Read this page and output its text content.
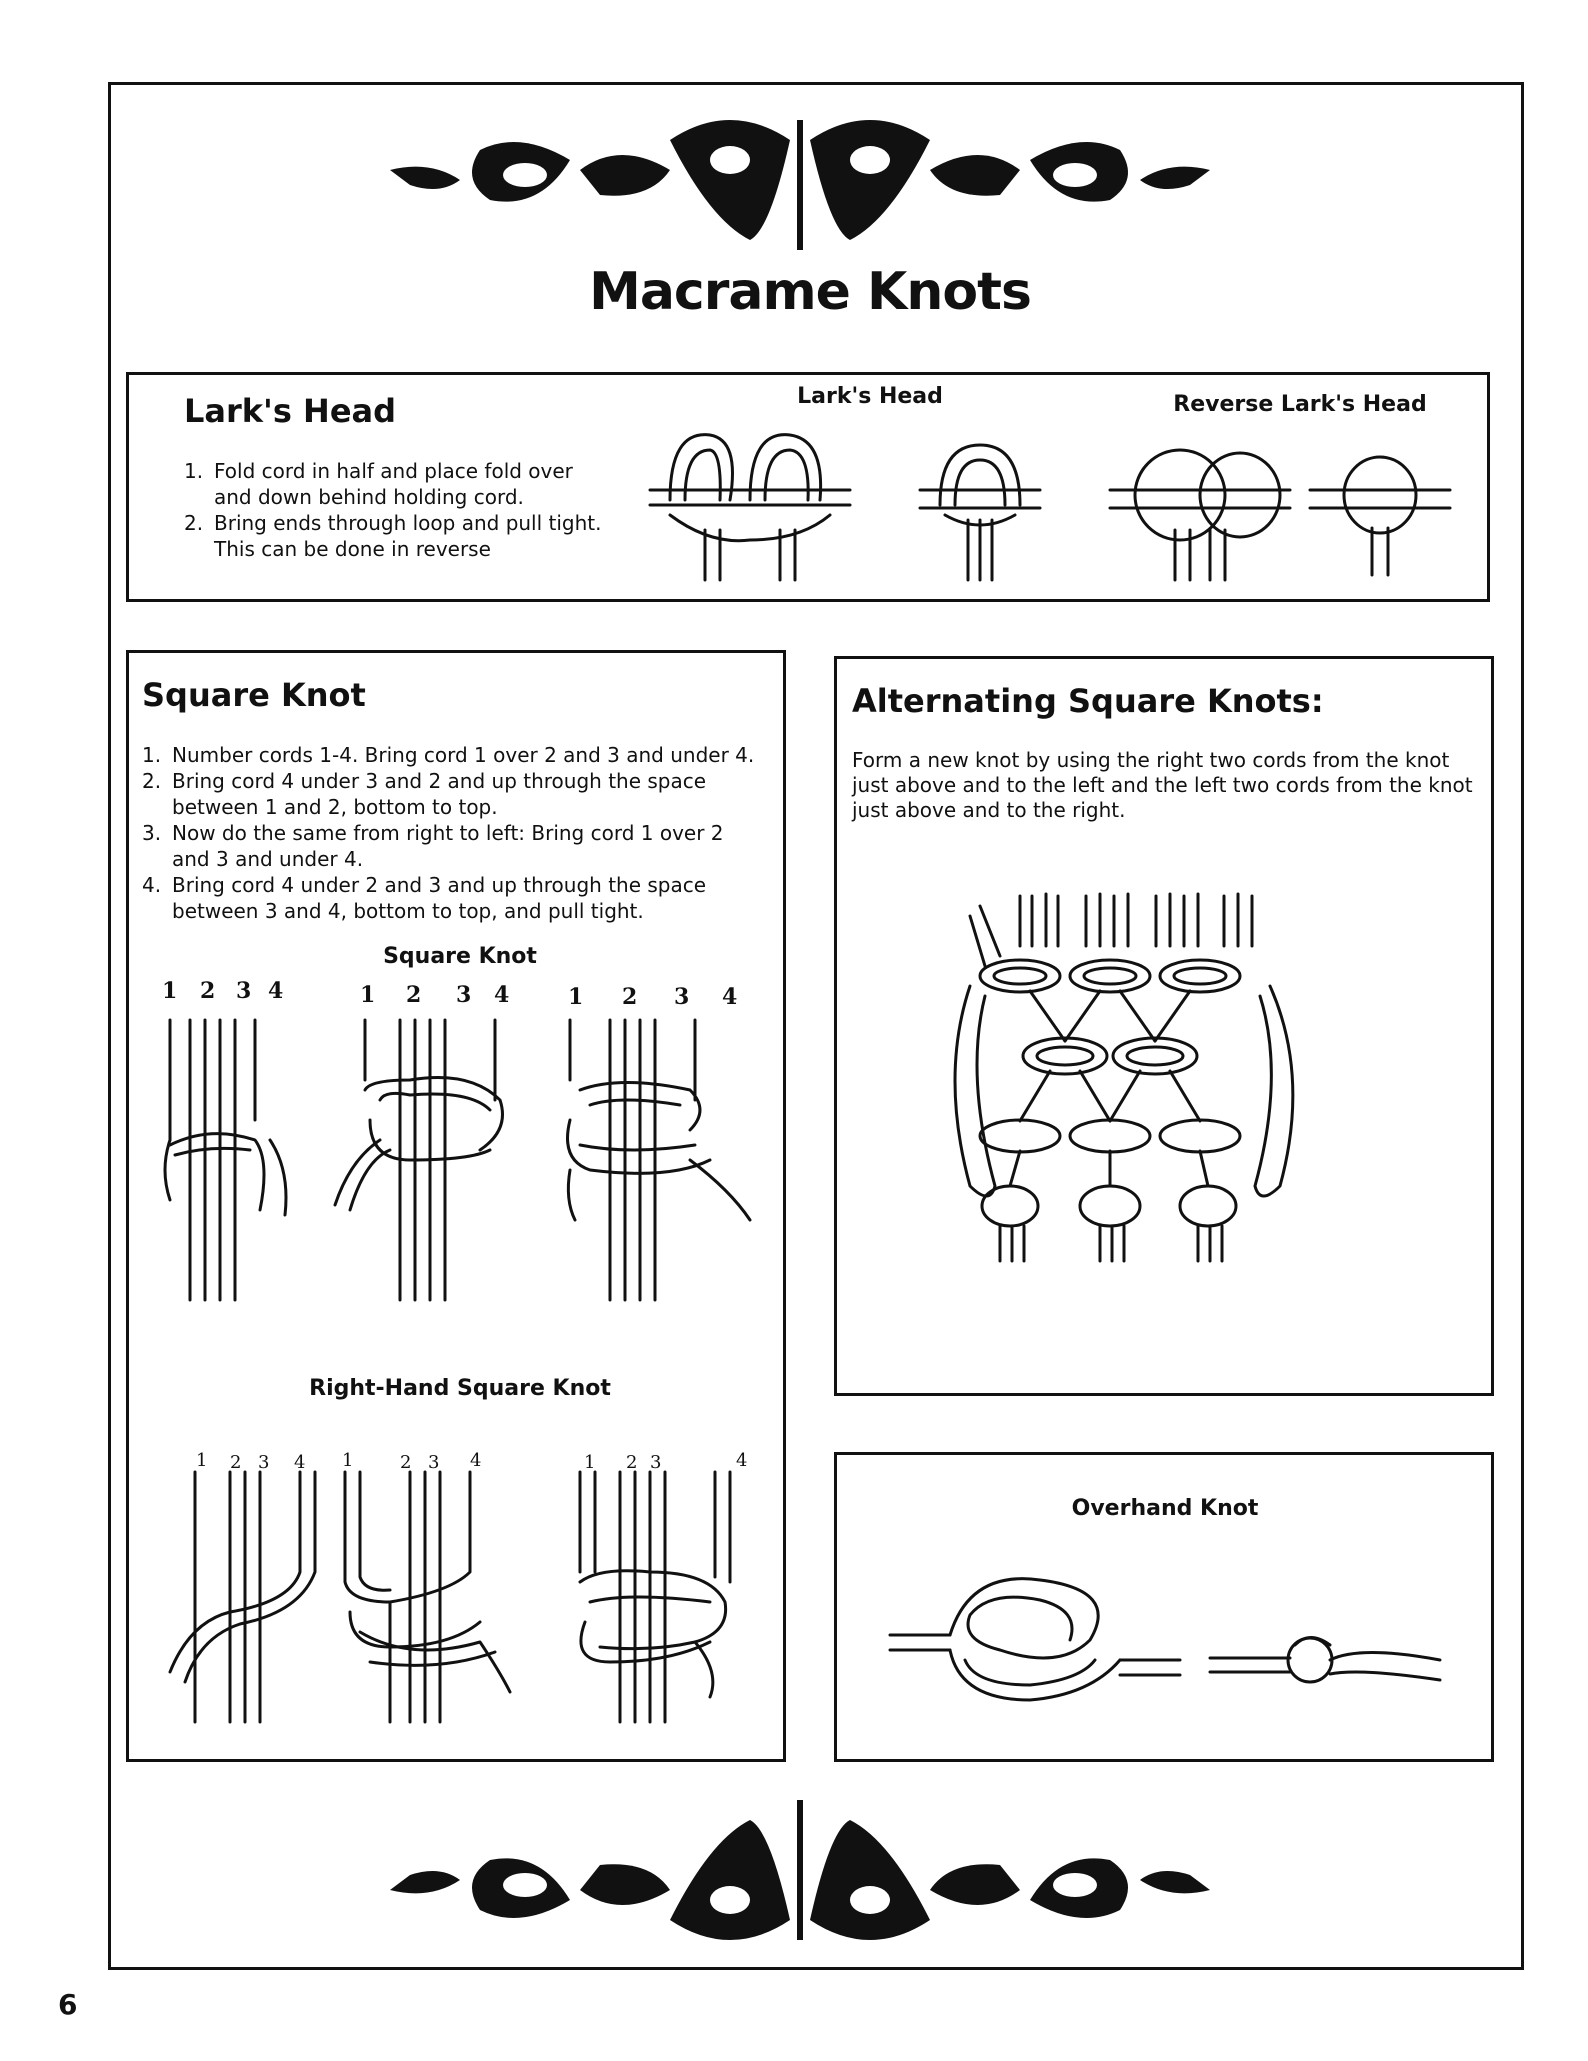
Macrame Knots
Lark's Head
1. Fold cord in half and place fold over and down behind holding cord.
2. Bring ends through loop and pull tight. This can be done in reverse
Lark's Head	Reverse Lark's Head
Square Knot
1. Number cords 1-4. Bring cord 1 over 2 and 3 and under 4.
2. Bring cord 4 under 3 and 2 and up through the space between 1 and 2, bottom to top.
3. Now do the same from right to left: Bring cord 1 over 2 and 3 and under 4.
4. Bring cord 4 under 2 and 3 and up through the space between 3 and 4, bottom to top, and pull tight.
Square Knot
1 2 3 4	1 2 3 4	1 2 3 4
Right-Hand Square Knot
1 2 3 4 1	2 3 4	1 2 3	4
Alternating Square Knots:
Form a new knot by using the right two cords from the knot just above and to the left and the left two cords from the knot just above and to the right.
Overhand Knot
6
